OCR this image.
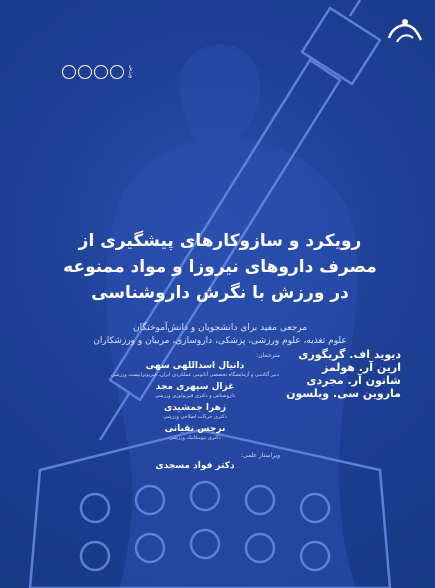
ورزش
رویکرد و سازوکارهای پیشگیری از
مصرف داروهای نیروزا و مواد ممنوعه
در ورزش با نگرش داروشناسی
مرجعی مفید برای دانشجویان و دانش‌آموختگان
علوم تغذیه، علوم ورزشی، پزشکی، داروسازی، مربیان و ورزشکاران
دیوید اف. گریگوری
ارین آر. هولمز
شانون آر. مجردی
ماروین سی. ویلسون
مترجمان:
دانیال اسداللهی سهی
دبیر آکادمی و آزمایشگاه تخصصی آناتومی عملکردی ایران، فیزیوتراپیست ورزشی
غزال سپهری مجد
داروشناس و دکتری فیزیولوژی ورزشی
زهرا جمشیدی
دکتری حرکات اصلاحی ورزشی
نرجس نقیانی
دکتری بیومکانیک ورزشی
ویراستار علمی:
دکتر فواد مسجدی
